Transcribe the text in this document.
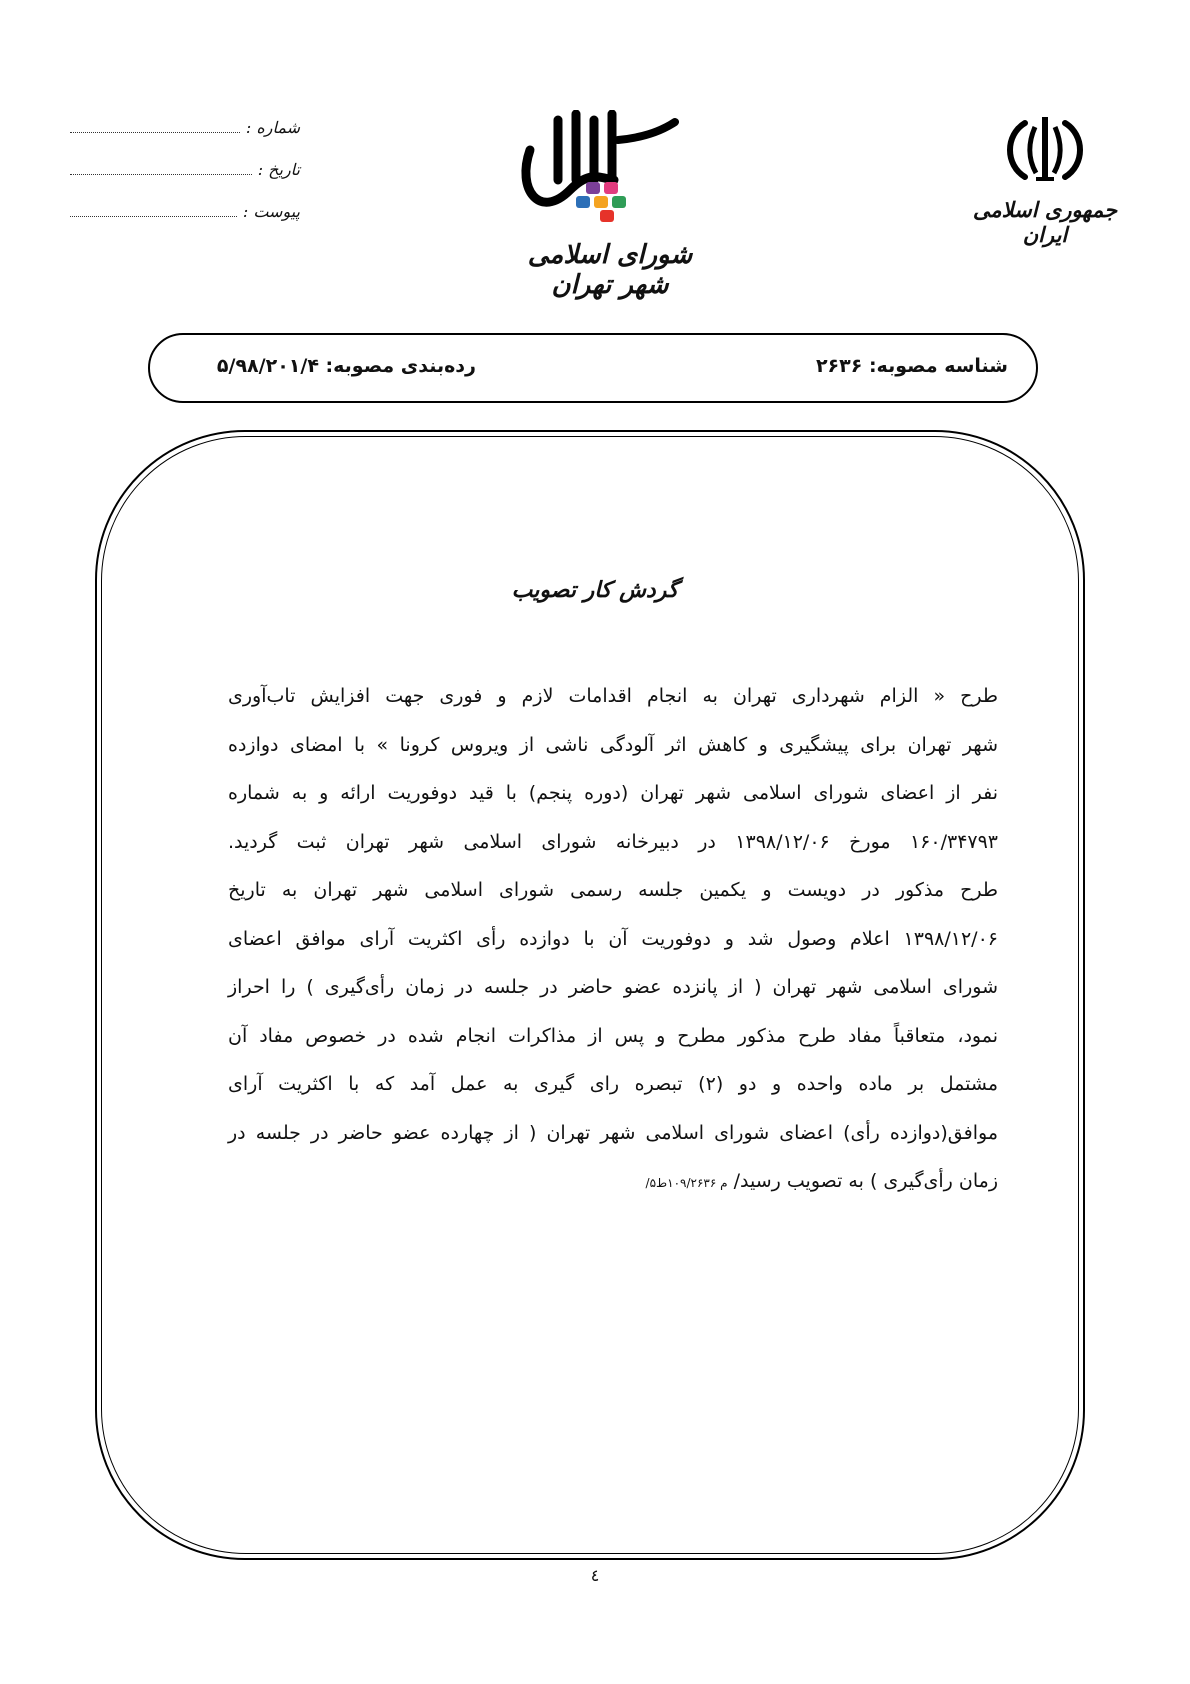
شماره :
تاریخ :
پیوست :
شورای اسلامی شهر تهران
جمهوری اسلامی ایران
شناسه مصوبه: ۲۶۳۶
رده‌بندی مصوبه: ۵/۹۸/۲۰۱/۴
گردش کار تصویب
طرح « الزام شهرداری تهران به انجام اقدامات لازم و فوری جهت افزایش تاب‌آوری
شهر تهران برای پیشگیری و کاهش اثر آلودگی ناشی از ویروس کرونا » با امضای دوازده
نفر از اعضای شورای اسلامی شهر تهران (دوره پنجم) با قید دوفوریت ارائه و به شماره
۱۶۰/۳۴۷۹۳ مورخ ۱۳۹۸/۱۲/۰۶ در دبیرخانه شورای اسلامی شهر تهران ثبت گردید.
طرح مذکور در دویست و یکمین جلسه رسمی شورای اسلامی شهر تهران به تاریخ
۱۳۹۸/۱۲/۰۶ اعلام وصول شد و دوفوریت آن با دوازده رأی اکثریت آرای موافق اعضای
شورای اسلامی شهر تهران ( از پانزده عضو حاضر در جلسه در زمان رأی‌گیری ) را احراز
نمود، متعاقباً مفاد طرح مذکور مطرح و پس از مذاکرات انجام شده در خصوص مفاد آن
مشتمل بر ماده واحده و دو (۲) تبصره رای گیری به عمل آمد که با اکثریت آرای
موافق(دوازده رأی) اعضای شورای اسلامی شهر تهران ( از چهارده عضو حاضر در جلسه در
زمان رأی‌گیری ) به تصویب رسید/ م ۱۰۹/۲۶۳۶ط۵/
٤
